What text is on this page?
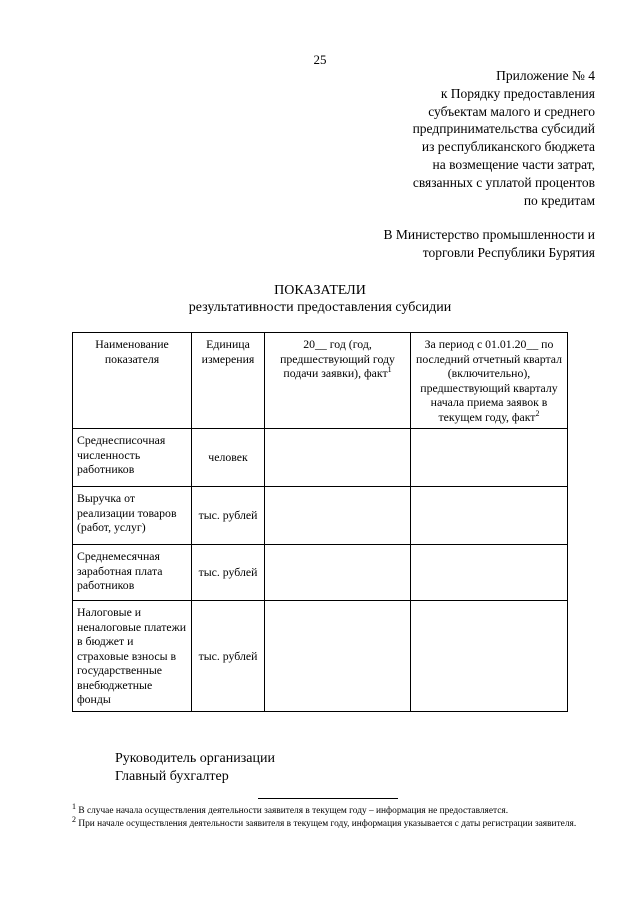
25
Приложение № 4
к Порядку предоставления
субъектам малого и среднего
предпринимательства субсидий
из республиканского бюджета
на возмещение части затрат,
связанных с уплатой процентов
по кредитам
В Министерство промышленности и
торговли Республики Бурятия
ПОКАЗАТЕЛИ
результативности предоставления субсидии
Наименование показателя	Единица измерения	20__ год (год, предшествующий году подачи заявки), факт$^1$	За период с 01.01.20__ по последний отчетный квартал (включительно), предшествующий кварталу начала приема заявок в текущем году, факт$^2$
Среднесписочная численность работников	человек		
Выручка от реализации товаров (работ, услуг)	тыс. рублей		
Среднемесячная заработная плата работников	тыс. рублей		
Налоговые и неналоговые платежи в бюджет и страховые взносы в государственные внебюджетные фонды	тыс. рублей		
Руководитель организации
Главный бухгалтер
$^1$ В случае начала осуществления деятельности заявителя в текущем году – информация не предоставляется.
$^2$ При начале осуществления деятельности заявителя в текущем году, информация указывается с даты регистрации заявителя.
